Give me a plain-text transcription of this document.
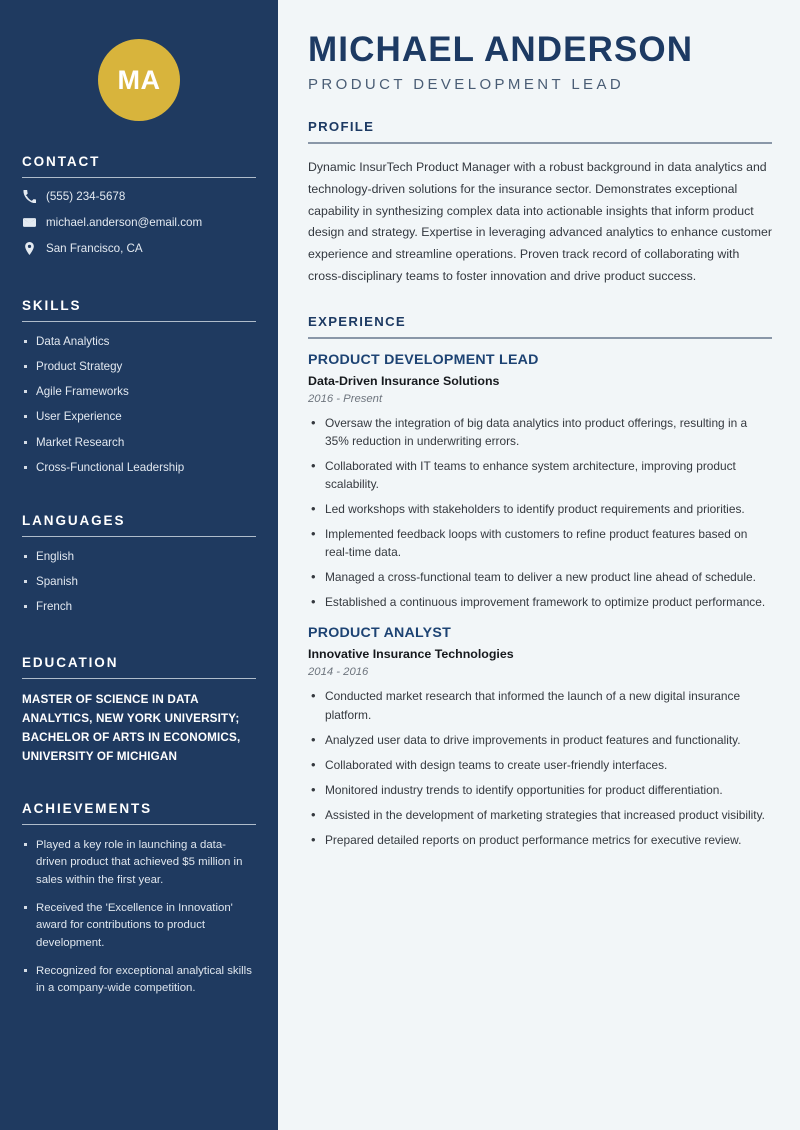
MA
CONTACT
(555) 234-5678
michael.anderson@email.com
San Francisco, CA
SKILLS
Data Analytics
Product Strategy
Agile Frameworks
User Experience
Market Research
Cross-Functional Leadership
LANGUAGES
English
Spanish
French
EDUCATION
MASTER OF SCIENCE IN DATA ANALYTICS, NEW YORK UNIVERSITY; BACHELOR OF ARTS IN ECONOMICS, UNIVERSITY OF MICHIGAN
ACHIEVEMENTS
Played a key role in launching a data-driven product that achieved $5 million in sales within the first year.
Received the 'Excellence in Innovation' award for contributions to product development.
Recognized for exceptional analytical skills in a company-wide competition.
MICHAEL ANDERSON
PRODUCT DEVELOPMENT LEAD
PROFILE

Dynamic InsurTech Product Manager with a robust background in data analytics and technology-driven solutions for the insurance sector. Demonstrates exceptional capability in synthesizing complex data into actionable insights that inform product design and strategy. Expertise in leveraging advanced analytics to enhance customer experience and streamline operations. Proven track record of collaborating with cross-disciplinary teams to foster innovation and drive product success.

EXPERIENCE
PRODUCT DEVELOPMENT LEAD
Data-Driven Insurance Solutions
2016 - Present
• Oversaw the integration of big data analytics into product offerings, resulting in a 35% reduction in underwriting errors.
• Collaborated with IT teams to enhance system architecture, improving product scalability.
• Led workshops with stakeholders to identify product requirements and priorities.
• Implemented feedback loops with customers to refine product features based on real-time data.
• Managed a cross-functional team to deliver a new product line ahead of schedule.
• Established a continuous improvement framework to optimize product performance.
PRODUCT ANALYST
Innovative Insurance Technologies
2014 - 2016
• Conducted market research that informed the launch of a new digital insurance platform.
• Analyzed user data to drive improvements in product features and functionality.
• Collaborated with design teams to create user-friendly interfaces.
• Monitored industry trends to identify opportunities for product differentiation.
• Assisted in the development of marketing strategies that increased product visibility.
• Prepared detailed reports on product performance metrics for executive review.
